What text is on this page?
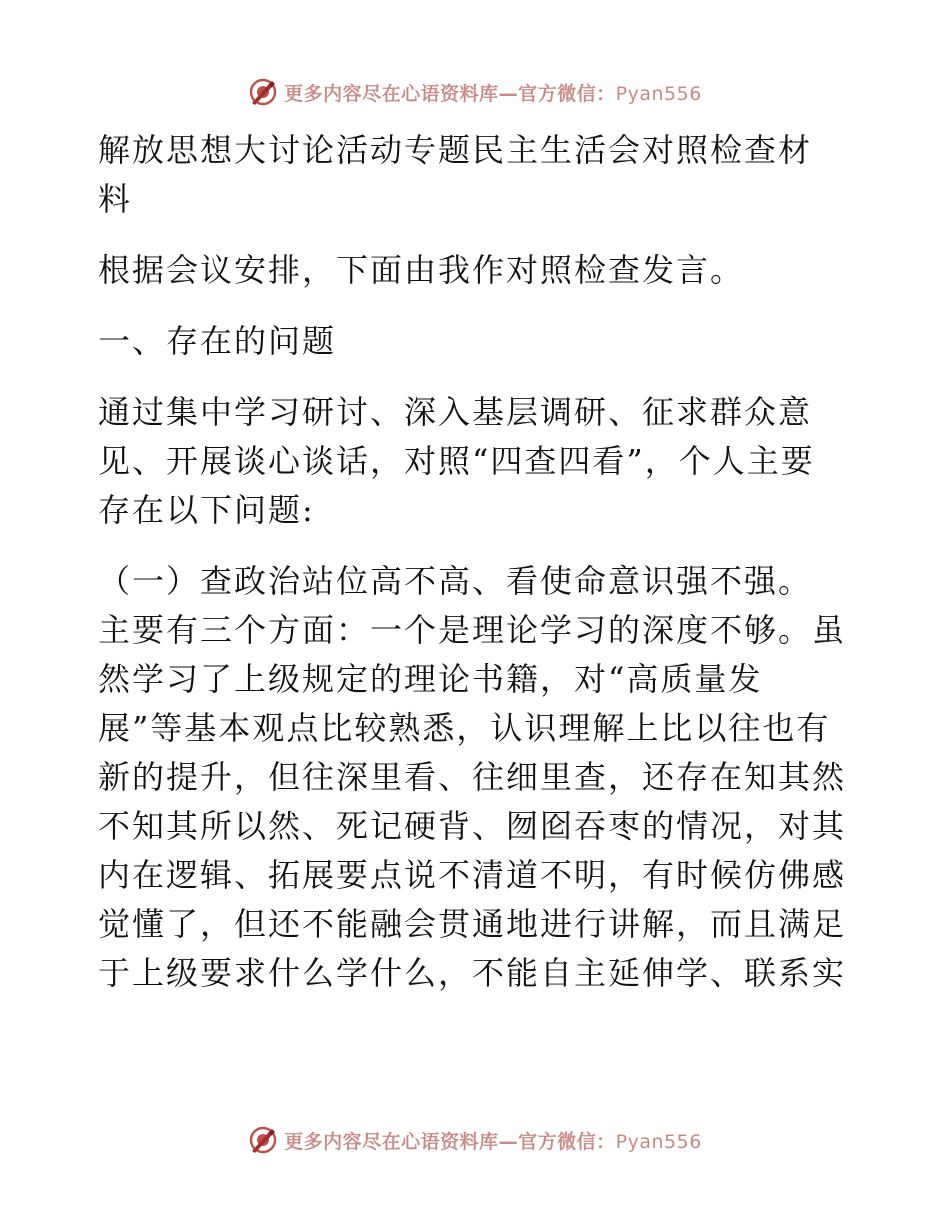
更多内容尽在心语资料库—官方微信：Pyan556

解放思想大讨论活动专题民主生活会对照检查材
料

根据会议安排，下面由我作对照检查发言。

一、存在的问题

通过集中学习研讨、深入基层调研、征求群众意
见、开展谈心谈话，对照“四查四看”，个人主要
存在以下问题:

（一）查政治站位高不高、看使命意识强不强。
主要有三个方面：一个是理论学习的深度不够。虽
然学习了上级规定的理论书籍，对“高质量发
展”等基本观点比较熟悉，认识理解上比以往也有
新的提升，但往深里看、往细里查，还存在知其然
不知其所以然、死记硬背、囫囵吞枣的情况，对其
内在逻辑、拓展要点说不清道不明，有时候仿佛感
觉懂了，但还不能融会贯通地进行讲解，而且满足
于上级要求什么学什么，不能自主延伸学、联系实

更多内容尽在心语资料库—官方微信：Pyan556
